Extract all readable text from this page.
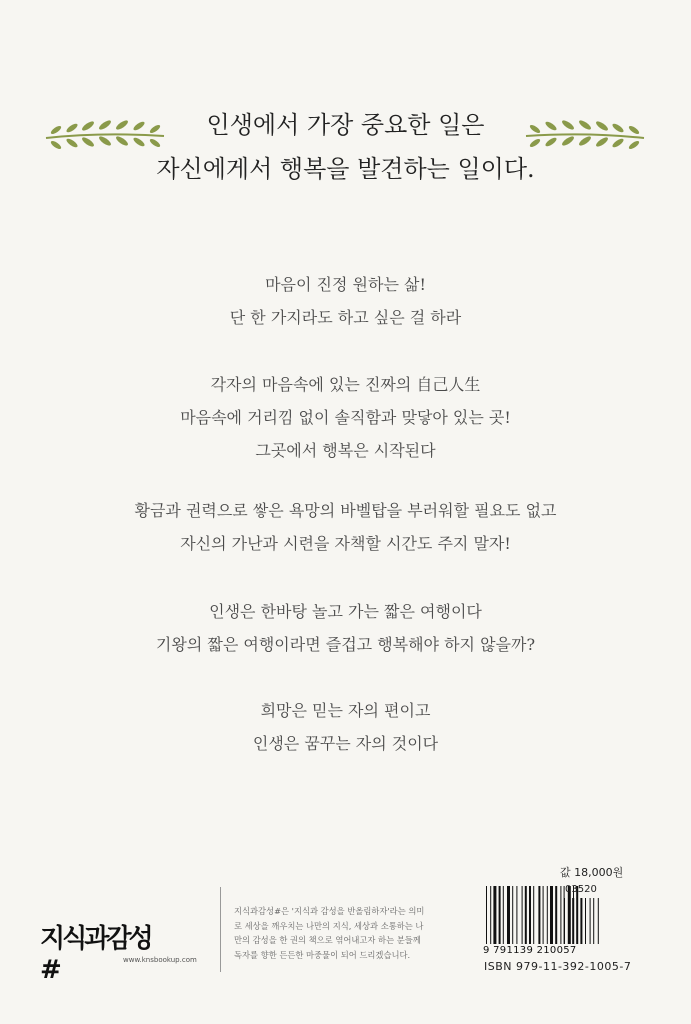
인생에서 가장 중요한 일은
자신에게서 행복을 발견하는 일이다.
마음이 진정 원하는 삶!
단 한 가지라도 하고 싶은 걸 하라
각자의 마음속에 있는 진짜의 自己人生
마음속에 거리낌 없이 솔직함과 맞닿아 있는 곳!
그곳에서 행복은 시작된다
황금과 권력으로 쌓은 욕망의 바벨탑을 부러워할 필요도 없고
자신의 가난과 시련을 자책할 시간도 주지 말자!
인생은 한바탕 놀고 가는 짧은 여행이다
기왕의 짧은 여행이라면 즐겁고 행복해야 하지 않을까?
희망은 믿는 자의 편이고
인생은 꿈꾸는 자의 것이다
지식과감성#	www.knsbookup.com
지식과감성#은 '지식과 감성을 반올림하자'라는 의미
로 세상을 깨우치는 나만의 지식, 세상과 소통하는 나
만의 감성을 한 권의 책으로 엮어내고자 하는 분들께
독자를 향한 든든한 마중물이 되어 드리겠습니다.
값 18,000원
03520
9 791139 210057
ISBN 979-11-392-1005-7
